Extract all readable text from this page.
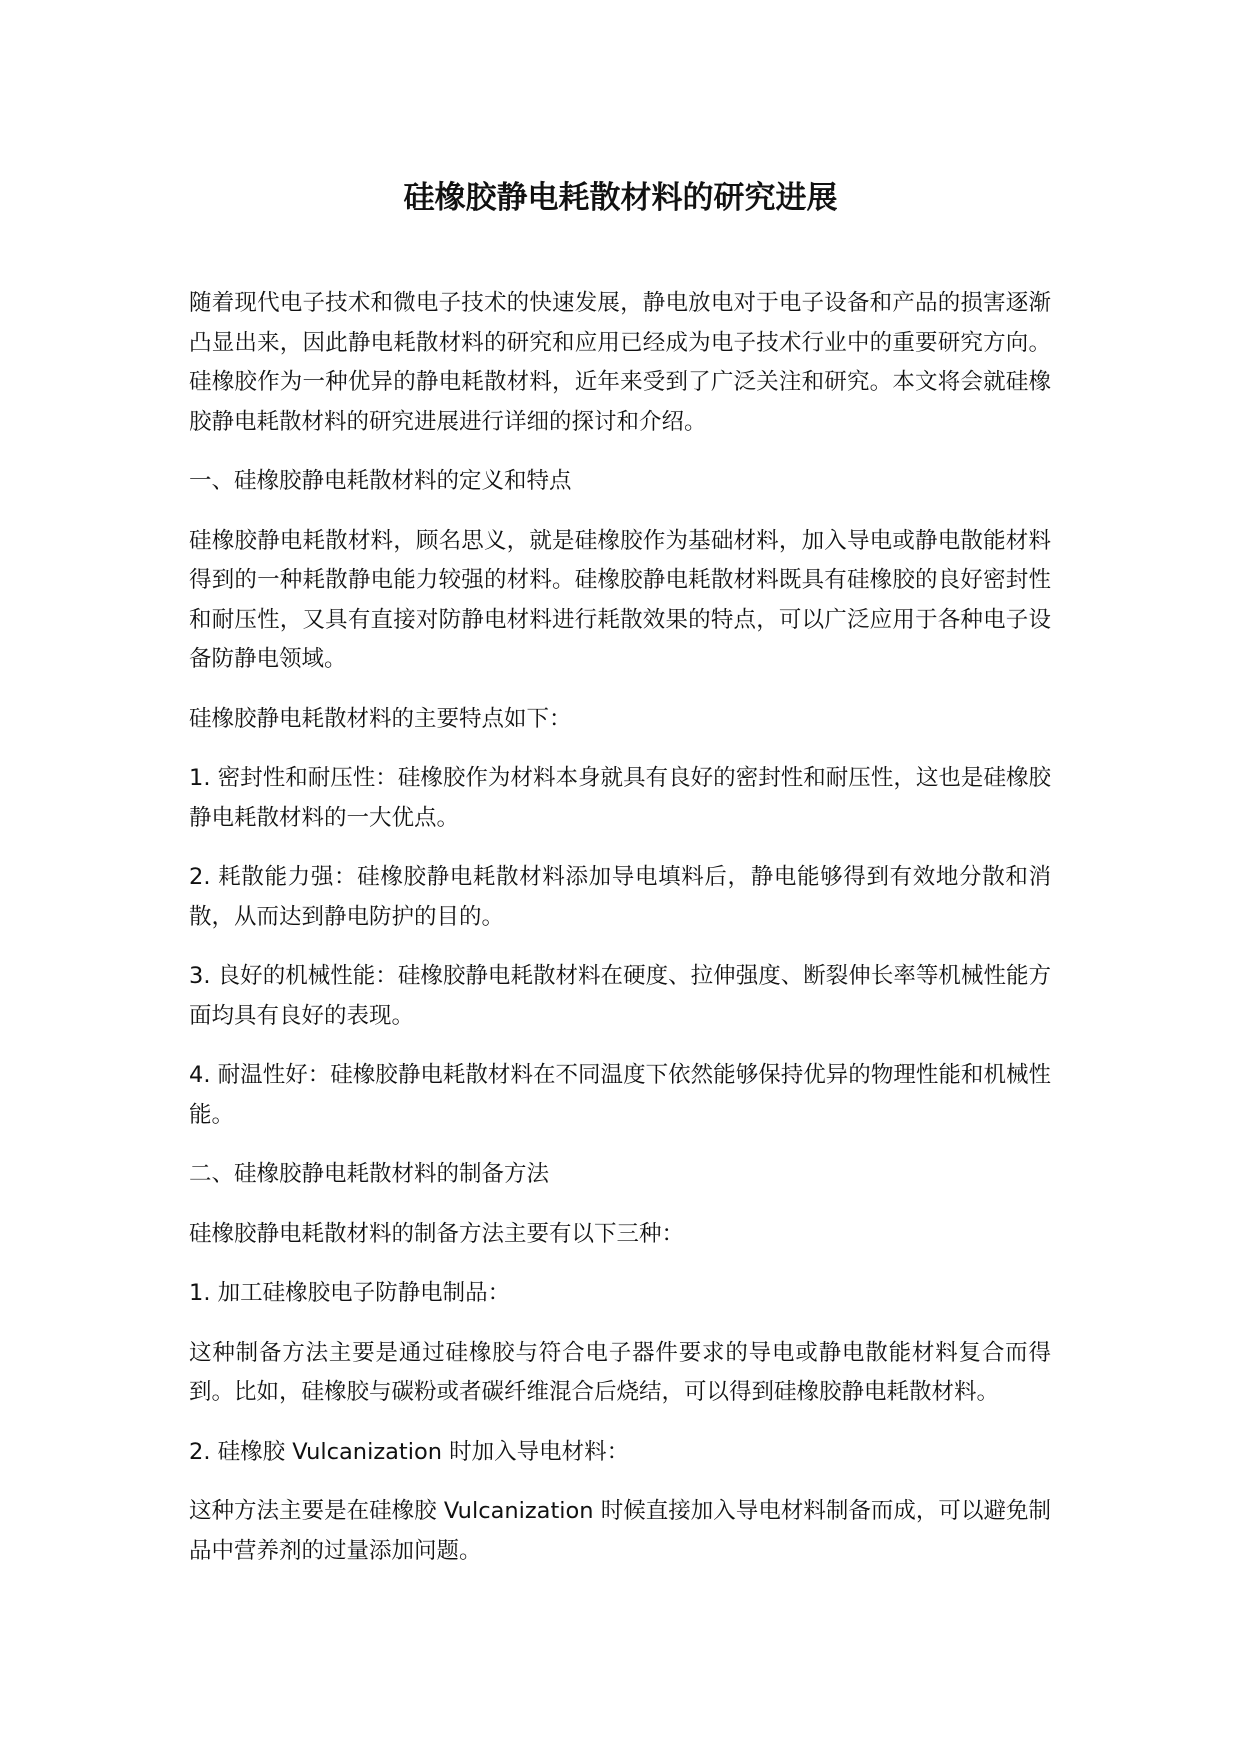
硅橡胶静电耗散材料的研究进展

随着现代电子技术和微电子技术的快速发展，静电放电对于电子设备和产品的损害逐渐凸显出来，因此静电耗散材料的研究和应用已经成为电子技术行业中的重要研究方向。硅橡胶作为一种优异的静电耗散材料，近年来受到了广泛关注和研究。本文将会就硅橡胶静电耗散材料的研究进展进行详细的探讨和介绍。

一、硅橡胶静电耗散材料的定义和特点

硅橡胶静电耗散材料，顾名思义，就是硅橡胶作为基础材料，加入导电或静电散能材料得到的一种耗散静电能力较强的材料。硅橡胶静电耗散材料既具有硅橡胶的良好密封性和耐压性，又具有直接对防静电材料进行耗散效果的特点，可以广泛应用于各种电子设备防静电领域。

硅橡胶静电耗散材料的主要特点如下：

1. 密封性和耐压性：硅橡胶作为材料本身就具有良好的密封性和耐压性，这也是硅橡胶静电耗散材料的一大优点。

2. 耗散能力强：硅橡胶静电耗散材料添加导电填料后，静电能够得到有效地分散和消散，从而达到静电防护的目的。

3. 良好的机械性能：硅橡胶静电耗散材料在硬度、拉伸强度、断裂伸长率等机械性能方面均具有良好的表现。

4. 耐温性好：硅橡胶静电耗散材料在不同温度下依然能够保持优异的物理性能和机械性能。

二、硅橡胶静电耗散材料的制备方法

硅橡胶静电耗散材料的制备方法主要有以下三种：

1. 加工硅橡胶电子防静电制品：

这种制备方法主要是通过硅橡胶与符合电子器件要求的导电或静电散能材料复合而得到。比如，硅橡胶与碳粉或者碳纤维混合后烧结，可以得到硅橡胶静电耗散材料。

2. 硅橡胶 Vulcanization 时加入导电材料：

这种方法主要是在硅橡胶 Vulcanization 时候直接加入导电材料制备而成，可以避免制品中营养剂的过量添加问题。
